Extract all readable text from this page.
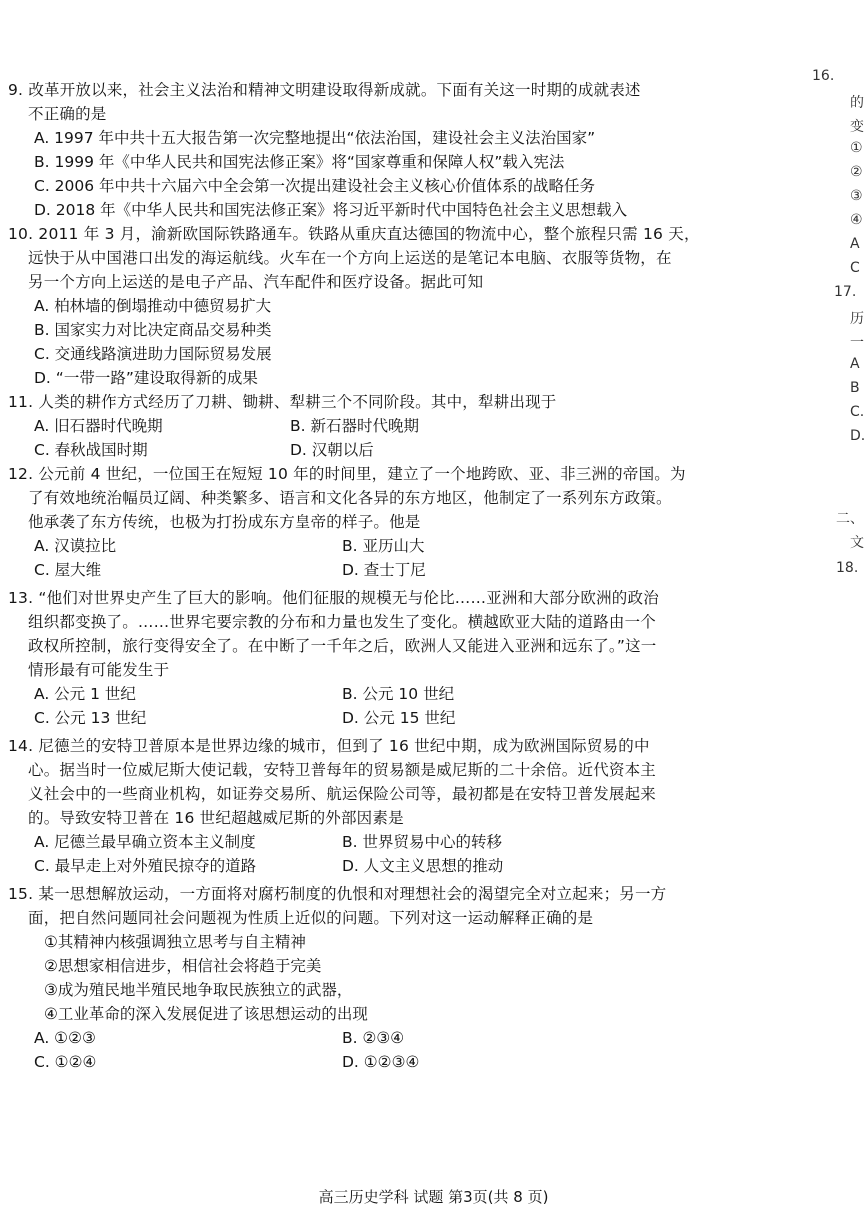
9. 改革开放以来，社会主义法治和精神文明建设取得新成就。下面有关这一时期的成就表述
不正确的是
A. 1997 年中共十五大报告第一次完整地提出“依法治国，建设社会主义法治国家”
B. 1999 年《中华人民共和国宪法修正案》将“国家尊重和保障人权”载入宪法
C. 2006 年中共十六届六中全会第一次提出建设社会主义核心价值体系的战略任务
D. 2018 年《中华人民共和国宪法修正案》将习近平新时代中国特色社会主义思想载入
10. 2011 年 3 月，渝新欧国际铁路通车。铁路从重庆直达德国的物流中心，整个旅程只需 16 天，
远快于从中国港口出发的海运航线。火车在一个方向上运送的是笔记本电脑、衣服等货物，在
另一个方向上运送的是电子产品、汽车配件和医疗设备。据此可知
A. 柏林墙的倒塌推动中德贸易扩大
B. 国家实力对比决定商品交易种类
C. 交通线路演进助力国际贸易发展
D. “一带一路”建设取得新的成果
11. 人类的耕作方式经历了刀耕、锄耕、犁耕三个不同阶段。其中，犁耕出现于
A. 旧石器时代晚期	B. 新石器时代晚期
C. 春秋战国时期	D. 汉朝以后
12. 公元前 4 世纪，一位国王在短短 10 年的时间里，建立了一个地跨欧、亚、非三洲的帝国。为
了有效地统治幅员辽阔、种类繁多、语言和文化各异的东方地区，他制定了一系列东方政策。
他承袭了东方传统，也极为打扮成东方皇帝的样子。他是
A. 汉谟拉比	B. 亚历山大
C. 屋大维	D. 查士丁尼
13. “他们对世界史产生了巨大的影响。他们征服的规模无与伦比……亚洲和大部分欧洲的政治
组织都变换了。……世界宅要宗教的分布和力量也发生了变化。横越欧亚大陆的道路由一个
政权所控制，旅行变得安全了。在中断了一千年之后，欧洲人又能进入亚洲和远东了。”这一
情形最有可能发生于
A. 公元 1 世纪	B. 公元 10 世纪
C. 公元 13 世纪	D. 公元 15 世纪
14. 尼德兰的安特卫普原本是世界边缘的城市，但到了 16 世纪中期，成为欧洲国际贸易的中
心。据当时一位威尼斯大使记载，安特卫普每年的贸易额是威尼斯的二十余倍。近代资本主
义社会中的一些商业机构，如证券交易所、航运保险公司等，最初都是在安特卫普发展起来
的。导致安特卫普在 16 世纪超越威尼斯的外部因素是
A. 尼德兰最早确立资本主义制度	B. 世界贸易中心的转移
C. 最早走上对外殖民掠夺的道路	D. 人文主义思想的推动
15. 某一思想解放运动，一方面将对腐朽制度的仇恨和对理想社会的渴望完全对立起来；另一方
面，把自然问题同社会问题视为性质上近似的问题。下列对这一运动解释正确的是
①其精神内核强调独立思考与自主精神
②思想家相信进步，相信社会将趋于完美
③成为殖民地半殖民地争取民族独立的武器，
④工业革命的深入发展促进了该思想运动的出现
A. ①②③	B. ②③④
C. ①②④	D. ①②③④
16.
的
变
①
②
③
④
A
C
17.
历
一
A
B
C.
D.
二、
文
18.
高三历史学科 试题 第3页(共 8 页)
